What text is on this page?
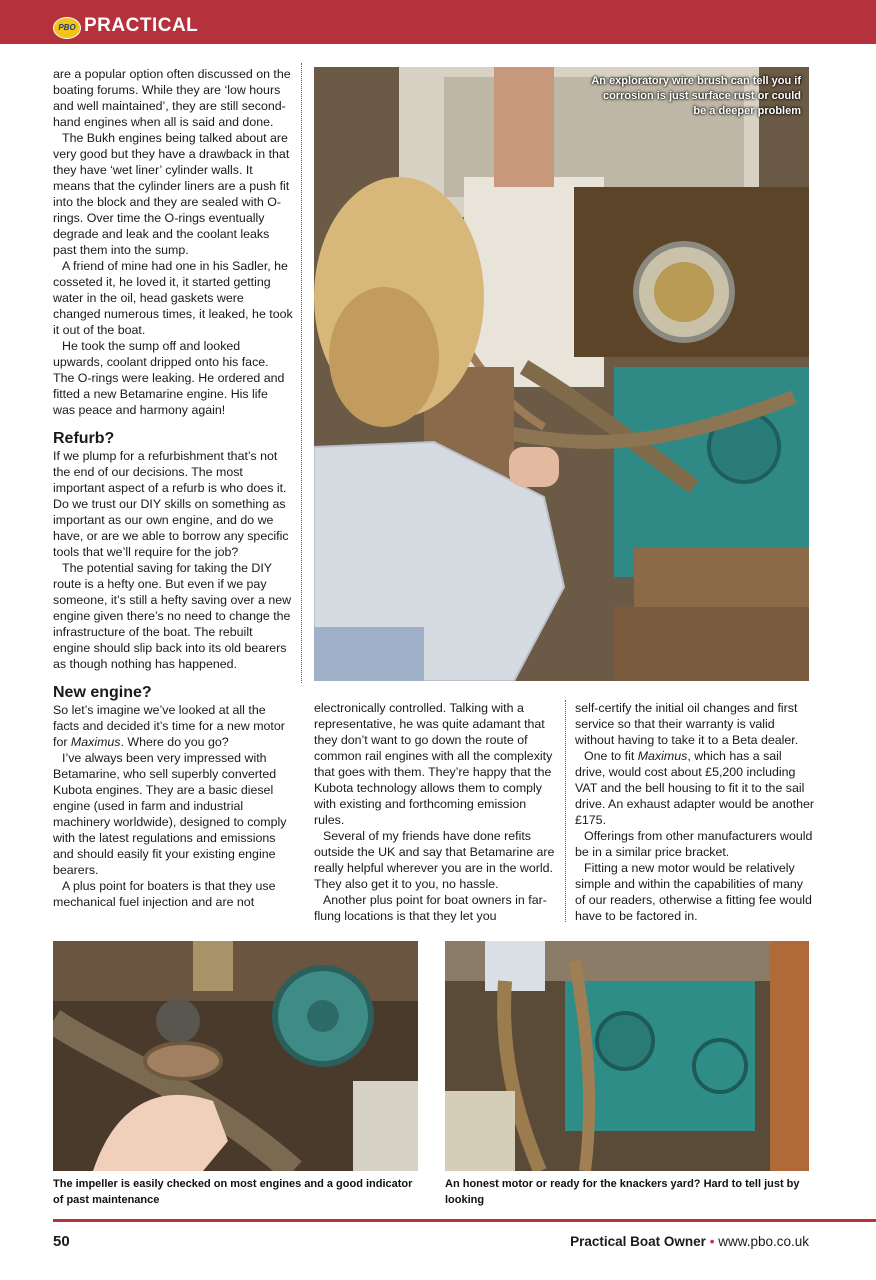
PBO PRACTICAL

are a popular option often discussed on the boating forums. While they are ‘low hours and well maintained’, they are still second-hand engines when all is said and done.

The Bukh engines being talked about are very good but they have a drawback in that they have ‘wet liner’ cylinder walls. It means that the cylinder liners are a push fit into the block and they are sealed with O-rings. Over time the O-rings eventually degrade and leak and the coolant leaks past them into the sump.

A friend of mine had one in his Sadler, he cosseted it, he loved it, it started getting water in the oil, head gaskets were changed numerous times, it leaked, he took it out of the boat.

He took the sump off and looked upwards, coolant dripped onto his face. The O-rings were leaking. He ordered and fitted a new Betamarine engine. His life was peace and harmony again!

Refurb?

If we plump for a refurbishment that’s not the end of our decisions. The most important aspect of a refurb is who does it. Do we trust our DIY skills on something as important as our own engine, and do we have, or are we able to borrow any specific tools that we’ll require for the job?

The potential saving for taking the DIY route is a hefty one. But even if we pay someone, it’s still a hefty saving over a new engine given there’s no need to change the infrastructure of the boat. The rebuilt engine should slip back into its old bearers as though nothing has happened.

New engine?

So let’s imagine we’ve looked at all the facts and decided it’s time for a new motor for Maximus. Where do you go?

I’ve always been very impressed with Betamarine, who sell superbly converted Kubota engines. They are a basic diesel engine (used in farm and industrial machinery worldwide), designed to comply with the latest regulations and emissions and should easily fit your existing engine bearers.

A plus point for boaters is that they use mechanical fuel injection and are not

An exploratory wire brush can tell you if corrosion is just surface rust or could be a deeper problem

electronically controlled. Talking with a representative, he was quite adamant that they don’t want to go down the route of common rail engines with all the complexity that goes with them. They’re happy that the Kubota technology allows them to comply with existing and forthcoming emission rules.

Several of my friends have done refits outside the UK and say that Betamarine are really helpful wherever you are in the world. They also get it to you, no hassle.

Another plus point for boat owners in far-flung locations is that they let you

self-certify the initial oil changes and first service so that their warranty is valid without having to take it to a Beta dealer.

One to fit Maximus, which has a sail drive, would cost about £5,200 including VAT and the bell housing to fit it to the sail drive. An exhaust adapter would be another £175.

Offerings from other manufacturers would be in a similar price bracket.

Fitting a new motor would be relatively simple and within the capabilities of many of our readers, otherwise a fitting fee would have to be factored in.

The impeller is easily checked on most engines and a good indicator of past maintenance
An honest motor or ready for the knackers yard? Hard to tell just by looking
50	Practical Boat Owner • www.pbo.co.uk
